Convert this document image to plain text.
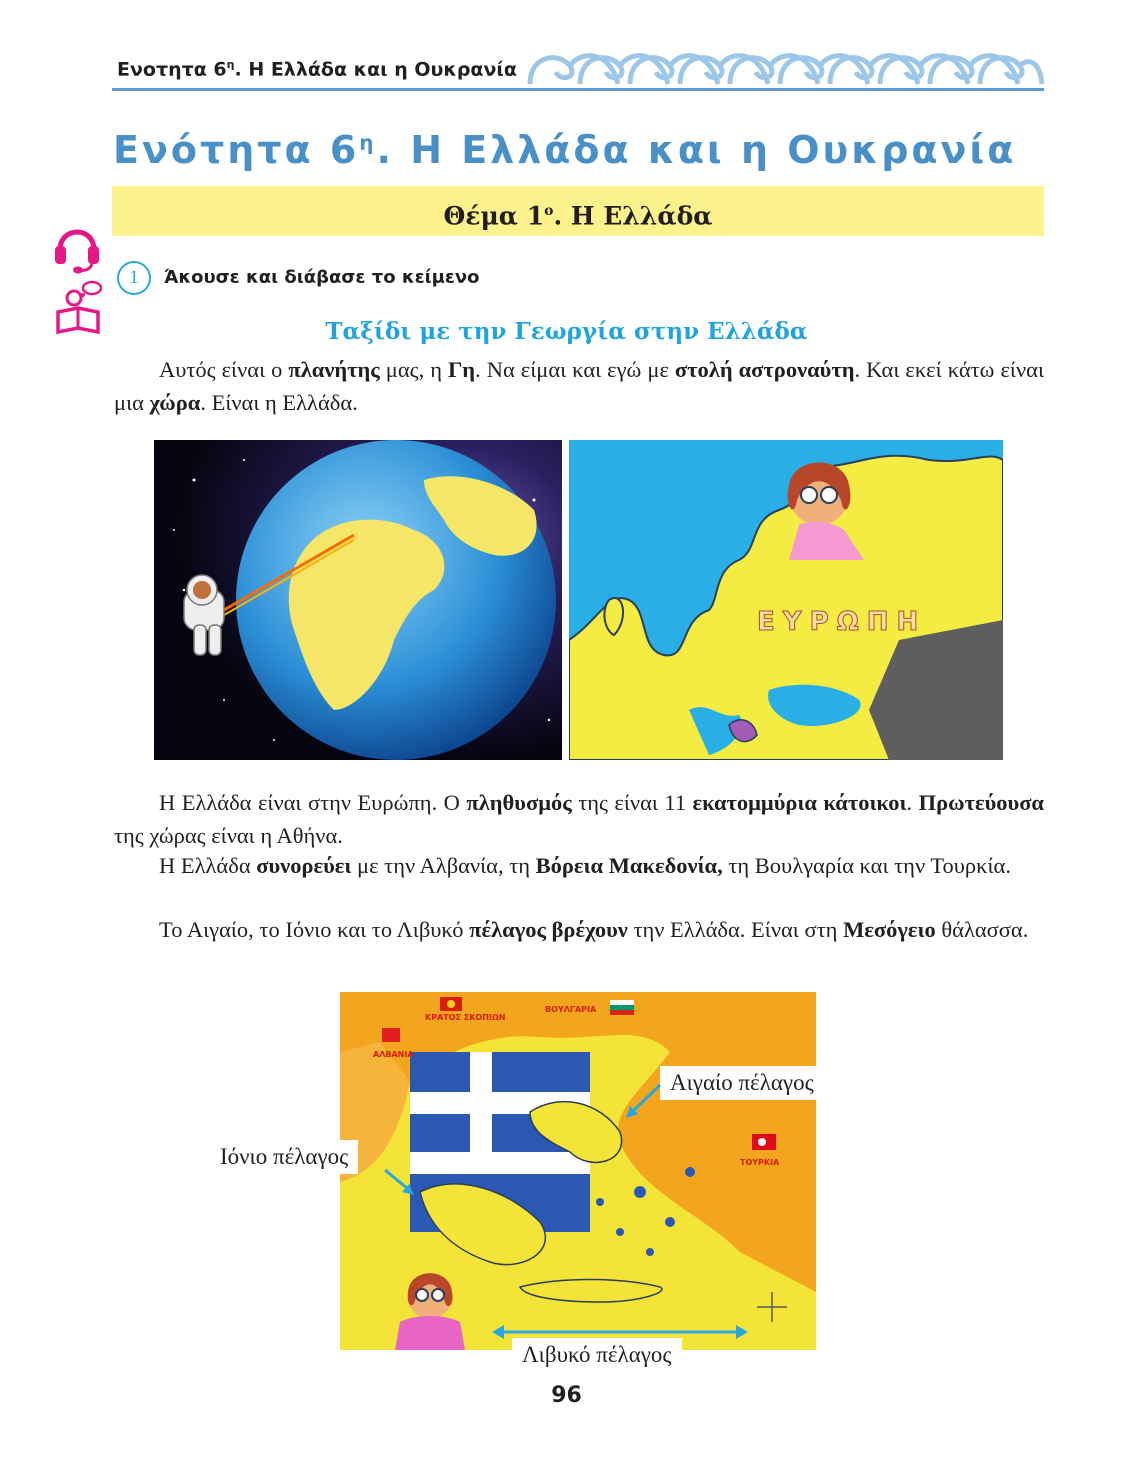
Ενοτητα $6^\eta$. Η Ελλάδα και η Ουκρανία
Ενότητα $6^\eta$. Η Ελλάδα και η Ουκρανία
Θέμα $1^o$. Η Ελλάδα
1	Άκουσε και διάβασε το κείμενο
Ταξίδι με την Γεωργία στην Ελλάδα
Αυτός είναι ο πλανήτης μας, η Γη. Να είμαι και εγώ με στολή αστροναύτη. Και εκεί κάτω είναι μια χώρα. Είναι η Ελλάδα.
ΕΥΡΩΠΗ
Η Ελλάδα είναι στην Ευρώπη. Ο πληθυσμός της είναι 11 εκατομμύρια κάτοικοι. Πρωτεύουσα της χώρας είναι η Αθήνα.
Η Ελλάδα συνορεύει με την Αλβανία, τη Βόρεια Μακεδονία, τη Βουλγαρία και την Τουρκία.
Το Αιγαίο, το Ιόνιο και το Λιβυκό πέλαγος βρέχουν την Ελλάδα. Είναι στη Μεσόγειο θάλασσα.
ΚΡΑΤΟΣ ΣΚΟΠΙΩΝ
ΒΟΥΛΓΑΡΙΑ
ΑΛΒΑΝΙΑ
ΤΟΥΡΚΙΑ
Αιγαίο πέλαγος
Ιόνιο πέλαγος
Λιβυκό πέλαγος
96
